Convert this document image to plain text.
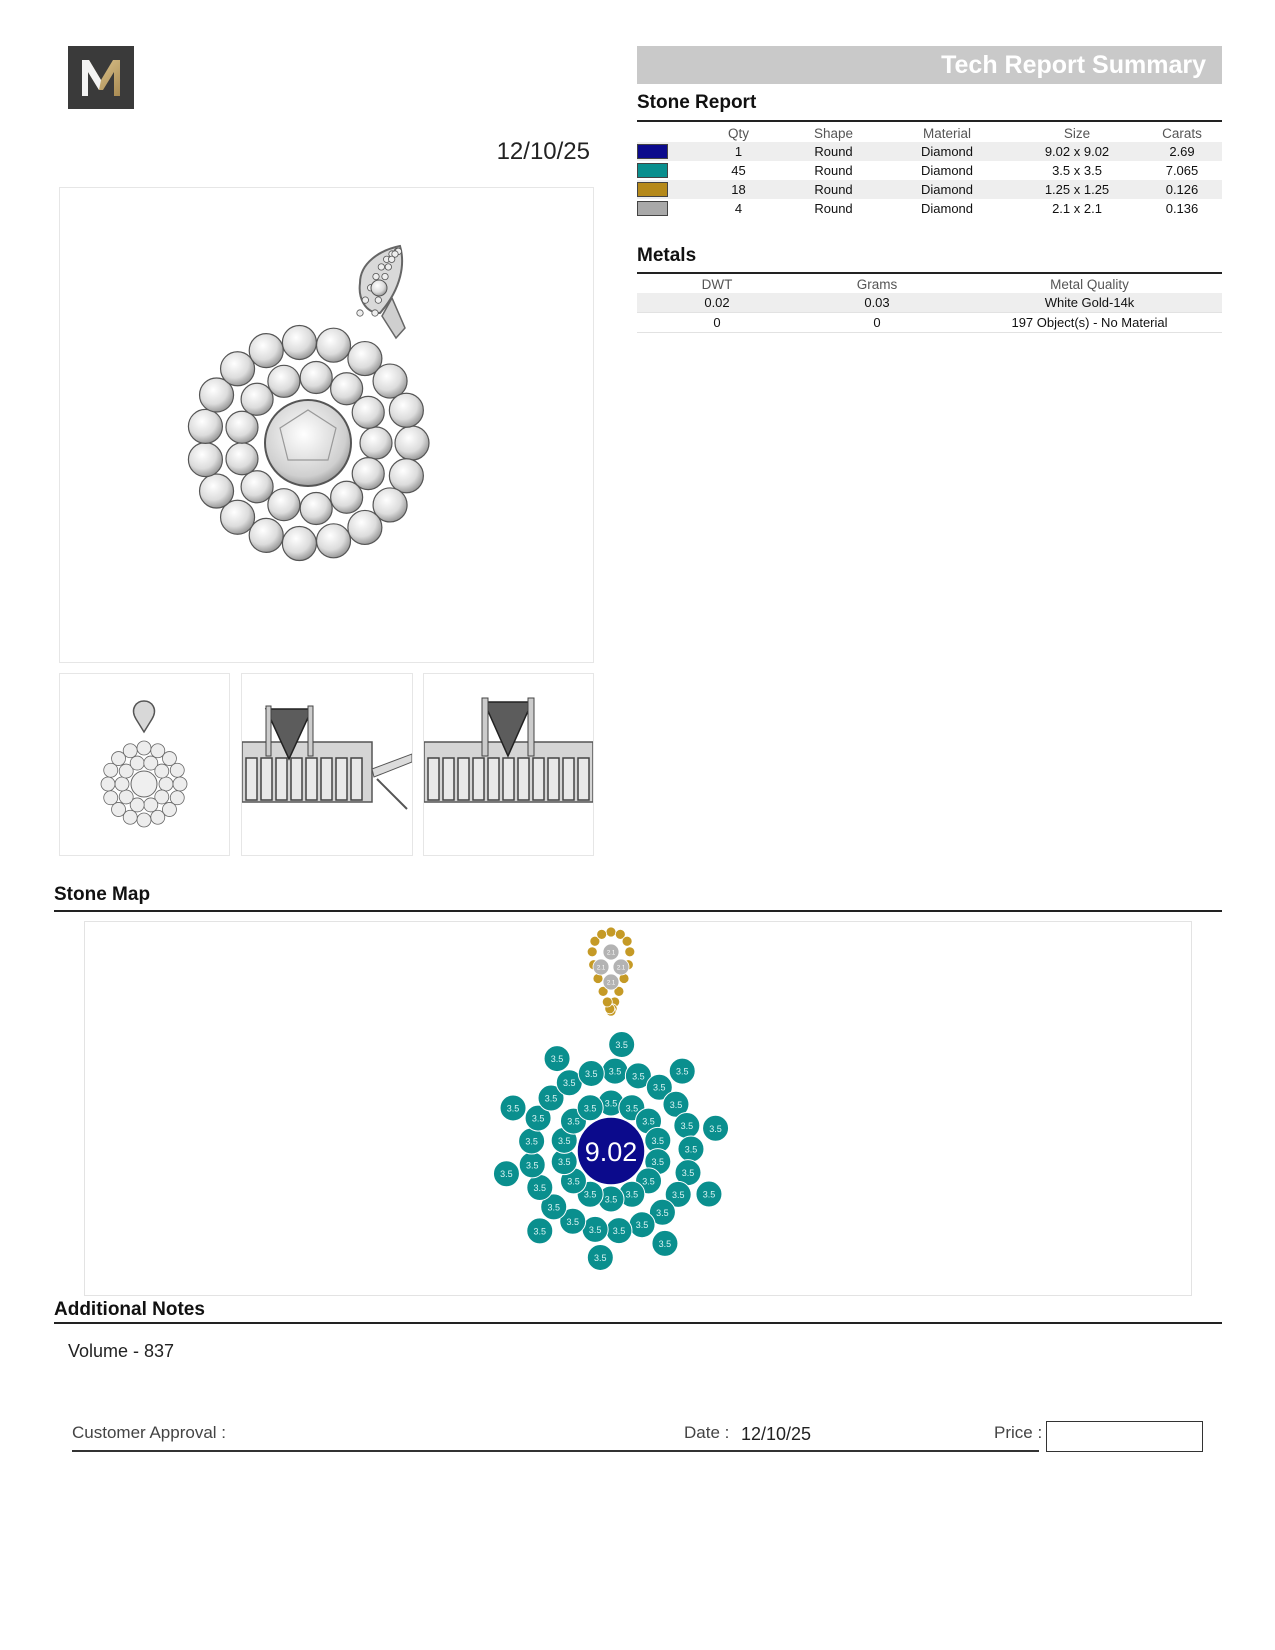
12/10/25
Tech Report Summary
Stone Report
	Qty	Shape	Material	Size	Carats

	1	Round	Diamond	9.02 x 9.02	2.69

	45	Round	Diamond	3.5 x 3.5	7.065

	18	Round	Diamond	1.25 x 1.25	0.126

	4	Round	Diamond	2.1 x 2.1	0.136
Metals
DWT	Grams	Metal Quality
0.02	0.03	White Gold-14k
0	0	197 Object(s) - No Material
Stone Map
2.1
2.1 2.1
2.1
3.5 3.5
3.5
3.5
3.5
3.5
3.5
3.5
3.5
3.5
3.5
3.5
3.5
3.5
3.5 3.5
3.5
3.5
3.5
3.5
3.5
3.5
3.5
3.5
3.5
3.5
3.5
3.5
3.5
3.5
3.5
3.5
3.5
3.5
3.5
3.5
3.5
3.5
3.5
3.5
3.5
3.5
3.5
3.5
3.5
9.02
Additional Notes
Volume - 837
Customer Approval :	Date : 12/10/25	Price :
